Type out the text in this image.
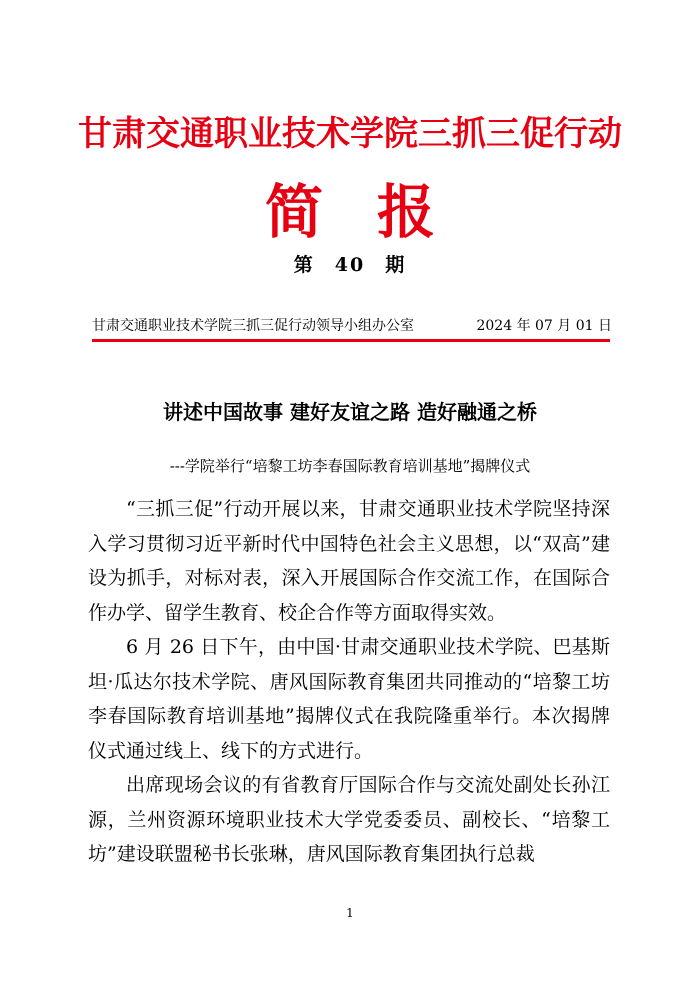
甘肃交通职业技术学院三抓三促行动
简报
第 40 期
甘肃交通职业技术学院三抓三促行动领导小组办公室	2024 年 07 月 01 日
讲述中国故事 建好友谊之路 造好融通之桥
---学院举行“培黎工坊李春国际教育培训基地”揭牌仪式

“三抓三促”行动开展以来，甘肃交通职业技术学院坚持深入学习贯彻习近平新时代中国特色社会主义思想，以“双高”建设为抓手，对标对表，深入开展国际合作交流工作，在国际合作办学、留学生教育、校企合作等方面取得实效。

6 月 26 日下午，由中国·甘肃交通职业技术学院、巴基斯坦·瓜达尔技术学院、唐风国际教育集团共同推动的“培黎工坊李春国际教育培训基地”揭牌仪式在我院隆重举行。本次揭牌仪式通过线上、线下的方式进行。

出席现场会议的有省教育厅国际合作与交流处副处长孙江源，兰州资源环境职业技术大学党委委员、副校长、“培黎工坊”建设联盟秘书长张琳，唐风国际教育集团执行总裁

1
